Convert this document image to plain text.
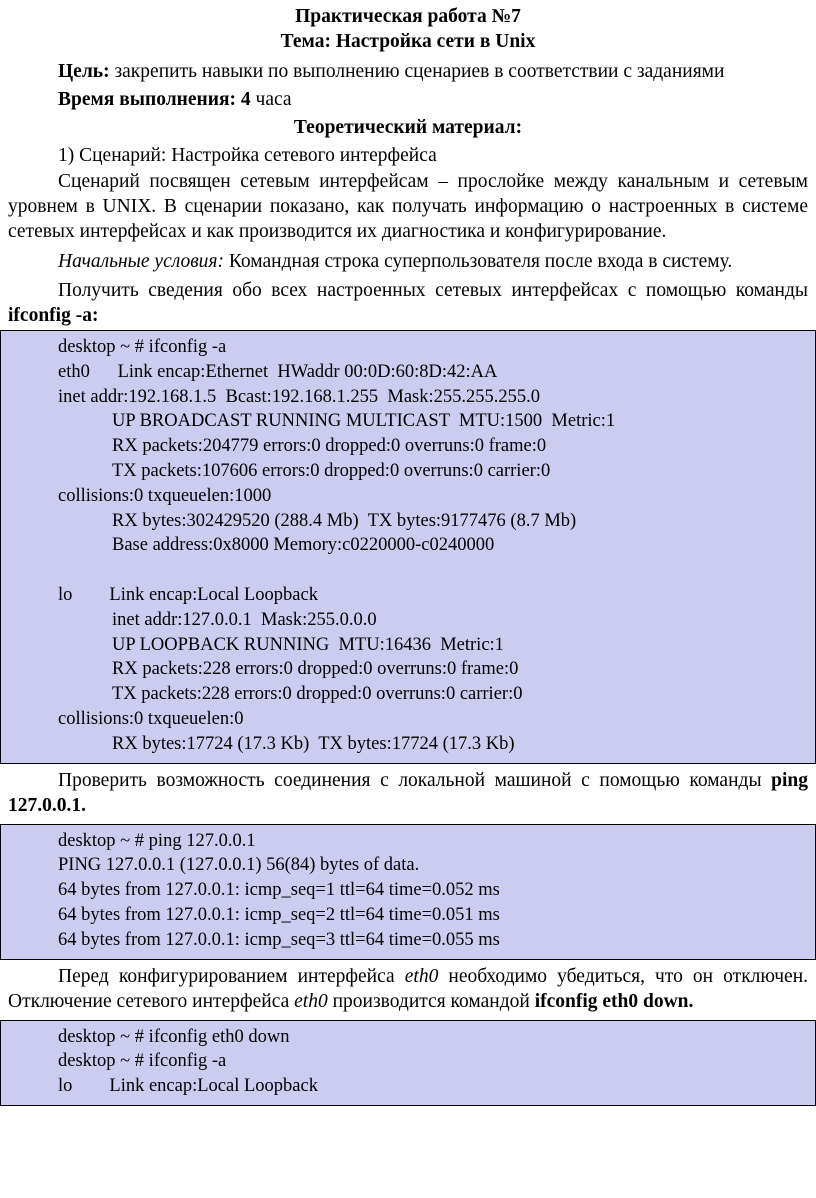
Практическая работа №7
Тема: Настройка сети в Unix
Цель: закрепить навыки по выполнению сценариев в соответствии с заданиями
Время выполнения: 4 часа
Теоретический материал:
1) Сценарий: Настройка сетевого интерфейса
Сценарий посвящен сетевым интерфейсам – прослойке между канальным и сетевым уровнем в UNIX. В сценарии показано, как получать информацию о настроенных в системе сетевых интерфейсах и как производится их диагностика и конфигурирование.
Начальные условия: Командная строка суперпользователя после входа в систему.
Получить сведения обо всех настроенных сетевых интерфейсах с помощью команды ifconfig -a:
desktop ~ # ifconfig -a
eth0      Link encap:Ethernet  HWaddr 00:0D:60:8D:42:AA
inet addr:192.168.1.5  Bcast:192.168.1.255  Mask:255.255.255.0
UP BROADCAST RUNNING MULTICAST  MTU:1500  Metric:1
RX packets:204779 errors:0 dropped:0 overruns:0 frame:0
TX packets:107606 errors:0 dropped:0 overruns:0 carrier:0
collisions:0 txqueuelen:1000
RX bytes:302429520 (288.4 Mb)  TX bytes:9177476 (8.7 Mb)
Base address:0x8000 Memory:c0220000-c0240000
lo        Link encap:Local Loopback
inet addr:127.0.0.1  Mask:255.0.0.0
UP LOOPBACK RUNNING  MTU:16436  Metric:1
RX packets:228 errors:0 dropped:0 overruns:0 frame:0
TX packets:228 errors:0 dropped:0 overruns:0 carrier:0
collisions:0 txqueuelen:0
RX bytes:17724 (17.3 Kb)  TX bytes:17724 (17.3 Kb)
Проверить возможность соединения с локальной машиной с помощью команды ping 127.0.0.1.
desktop ~ # ping 127.0.0.1
PING 127.0.0.1 (127.0.0.1) 56(84) bytes of data.
64 bytes from 127.0.0.1: icmp_seq=1 ttl=64 time=0.052 ms
64 bytes from 127.0.0.1: icmp_seq=2 ttl=64 time=0.051 ms
64 bytes from 127.0.0.1: icmp_seq=3 ttl=64 time=0.055 ms
Перед конфигурированием интерфейса eth0 необходимо убедиться, что он отключен. Отключение сетевого интерфейса eth0 производится командой ifconfig eth0 down.
desktop ~ # ifconfig eth0 down
desktop ~ # ifconfig -a
lo        Link encap:Local Loopback
